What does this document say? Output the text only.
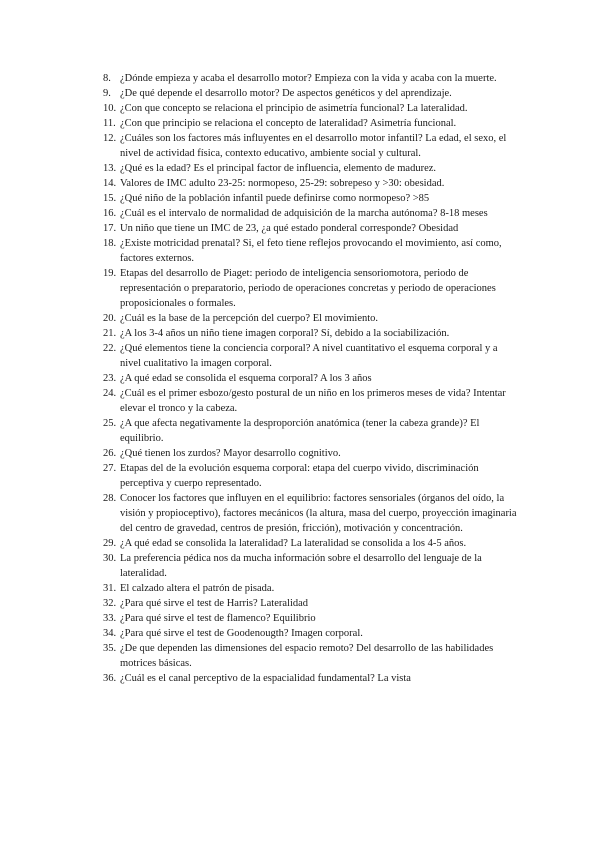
8. ¿Dónde empieza y acaba el desarrollo motor? Empieza con la vida y acaba con la muerte.
9. ¿De qué depende el desarrollo motor? De aspectos genéticos y del aprendizaje.
10. ¿Con que concepto se relaciona el principio de asimetría funcional? La lateralidad.
11. ¿Con que principio se relaciona el concepto de lateralidad? Asimetría funcional.
12. ¿Cuáles son los factores más influyentes en el desarrollo motor infantil? La edad, el sexo, el nivel de actividad física, contexto educativo, ambiente social y cultural.
13. ¿Qué es la edad? Es el principal factor de influencia, elemento de madurez.
14. Valores de IMC adulto 23-25: normopeso, 25-29: sobrepeso y >30: obesidad.
15. ¿Qué niño de la población infantil puede definirse como normopeso? >85
16. ¿Cuál es el intervalo de normalidad de adquisición de la marcha autónoma? 8-18 meses
17. Un niño que tiene un IMC de 23, ¿a qué estado ponderal corresponde? Obesidad
18. ¿Existe motricidad prenatal? Si, el feto tiene reflejos provocando el movimiento, así como, factores externos.
19. Etapas del desarrollo de Piaget: periodo de inteligencia sensoriomotora, periodo de representación o preparatorio, periodo de operaciones concretas y periodo de operaciones proposicionales o formales.
20. ¿Cuál es la base de la percepción del cuerpo? El movimiento.
21. ¿A los 3-4 años un niño tiene imagen corporal? Sí, debido a la sociabilización.
22. ¿Qué elementos tiene la conciencia corporal? A nivel cuantitativo el esquema corporal y a nivel cualitativo la imagen corporal.
23. ¿A qué edad se consolida el esquema corporal? A los 3 años
24. ¿Cuál es el primer esbozo/gesto postural de un niño en los primeros meses de vida? Intentar elevar el tronco y la cabeza.
25. ¿A que afecta negativamente la desproporción anatómica (tener la cabeza grande)? El equilibrio.
26. ¿Qué tienen los zurdos? Mayor desarrollo cognitivo.
27. Etapas del de la evolución esquema corporal: etapa del cuerpo vivido, discriminación perceptiva y cuerpo representado.
28. Conocer los factores que influyen en el equilibrio: factores sensoriales (órganos del oído, la visión y propioceptivo), factores mecánicos (la altura, masa del cuerpo, proyección imaginaria del centro de gravedad, centros de presión, fricción), motivación y concentración.
29. ¿A qué edad se consolida la lateralidad? La lateralidad se consolida a los 4-5 años.
30. La preferencia pédica nos da mucha información sobre el desarrollo del lenguaje de la lateralidad.
31. El calzado altera el patrón de pisada.
32. ¿Para qué sirve el test de Harris? Lateralidad
33. ¿Para qué sirve el test de flamenco? Equilibrio
34. ¿Para qué sirve el test de Goodenougth? Imagen corporal.
35. ¿De que dependen las dimensiones del espacio remoto? Del desarrollo de las habilidades motrices básicas.
36. ¿Cuál es el canal perceptivo de la espacialidad fundamental? La vista
